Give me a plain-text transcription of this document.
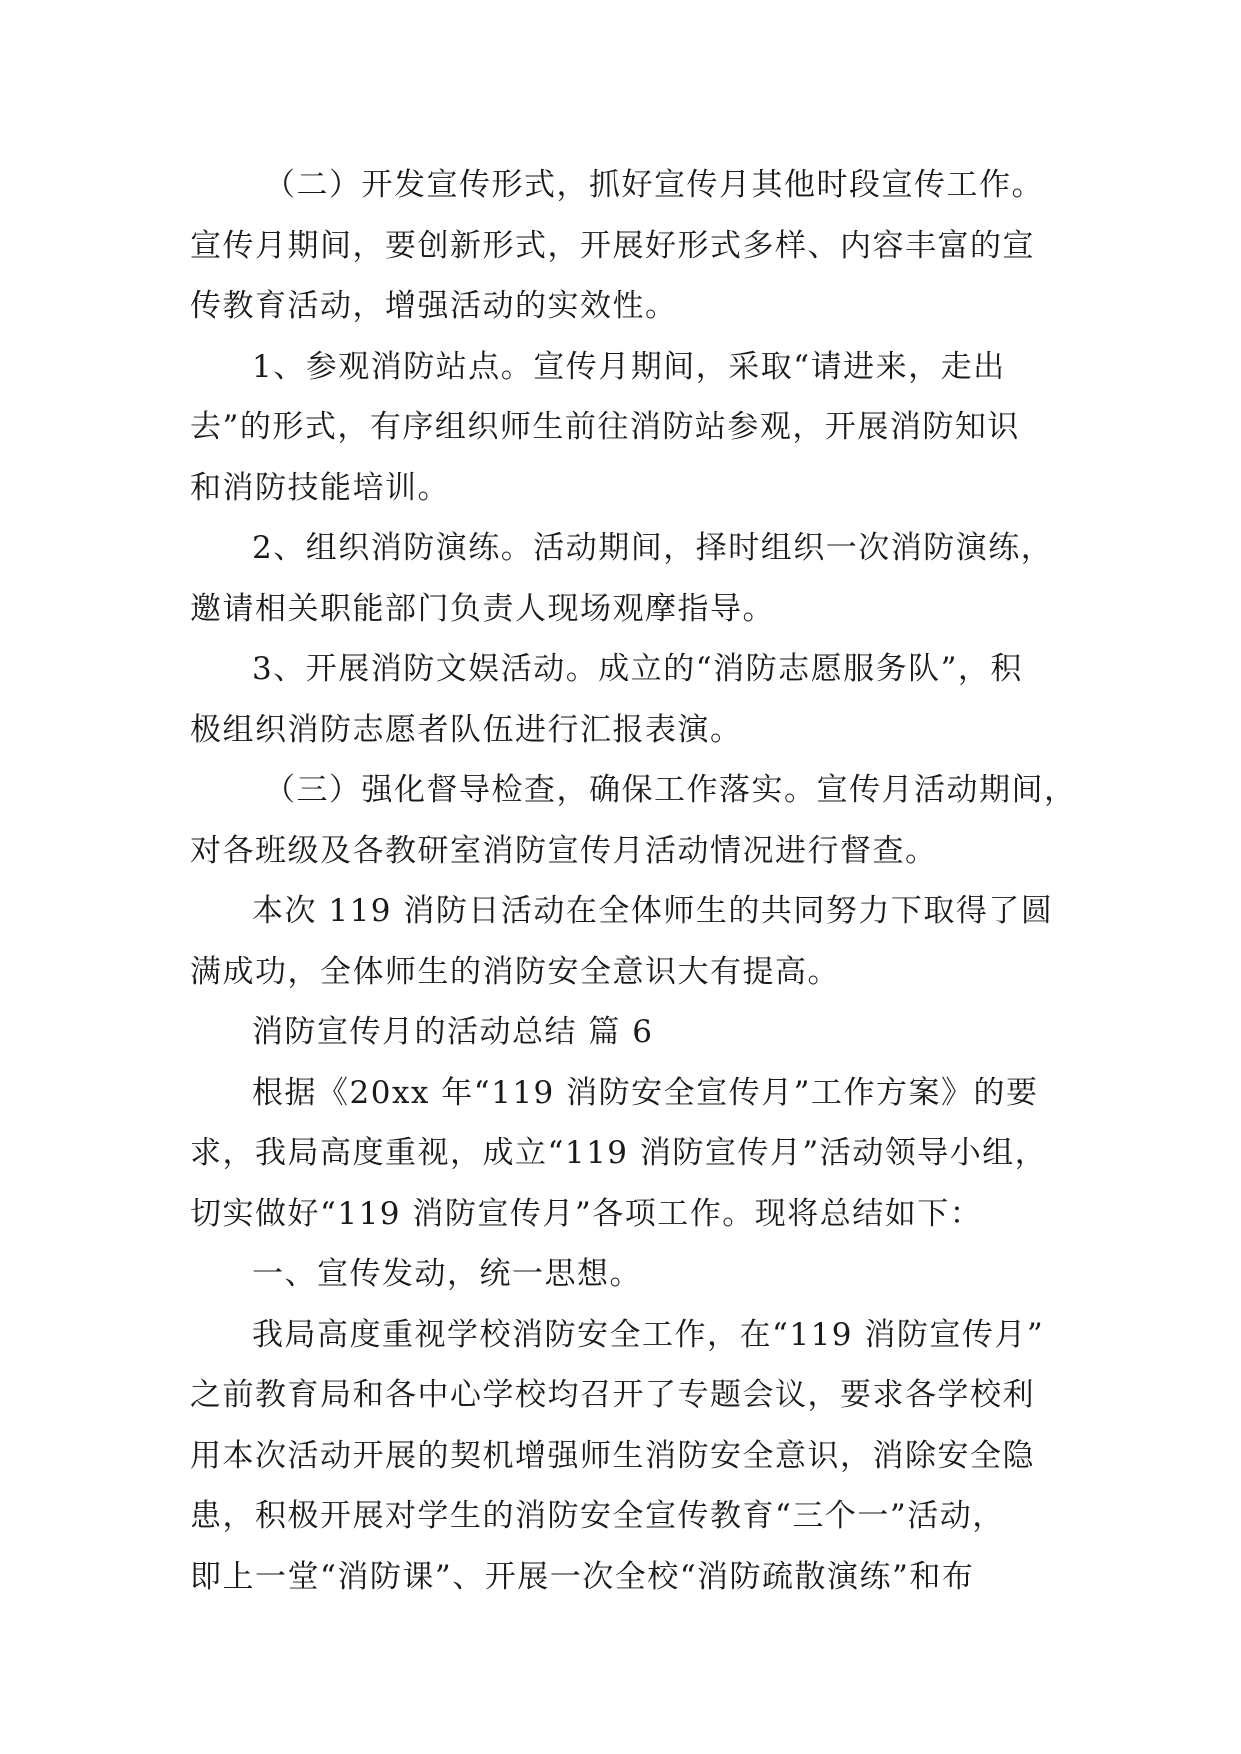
（二）开发宣传形式，抓好宣传月其他时段宣传工作。
宣传月期间，要创新形式，开展好形式多样、内容丰富的宣
传教育活动，增强活动的实效性。
1、参观消防站点。宣传月期间，采取“请进来，走出
去”的形式，有序组织师生前往消防站参观，开展消防知识
和消防技能培训。
2、组织消防演练。活动期间，择时组织一次消防演练，
邀请相关职能部门负责人现场观摩指导。
3、开展消防文娱活动。成立的“消防志愿服务队”，积
极组织消防志愿者队伍进行汇报表演。
（三）强化督导检查，确保工作落实。宣传月活动期间，
对各班级及各教研室消防宣传月活动情况进行督查。
本次 119 消防日活动在全体师生的共同努力下取得了圆
满成功，全体师生的消防安全意识大有提高。
消防宣传月的活动总结 篇 6
根据《20xx 年“119 消防安全宣传月”工作方案》的要
求，我局高度重视，成立“119 消防宣传月”活动领导小组，
切实做好“119 消防宣传月”各项工作。现将总结如下：
一、宣传发动，统一思想。
我局高度重视学校消防安全工作，在“119 消防宣传月”
之前教育局和各中心学校均召开了专题会议，要求各学校利
用本次活动开展的契机增强师生消防安全意识，消除安全隐
患，积极开展对学生的消防安全宣传教育“三个一”活动，
即上一堂“消防课”、开展一次全校“消防疏散演练”和布
